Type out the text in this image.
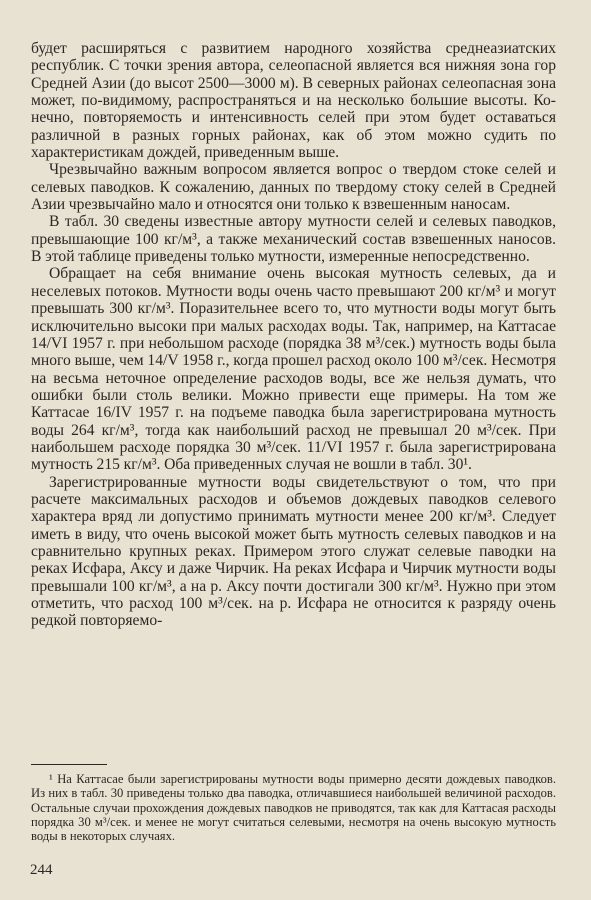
будет расширяться с развитием народного хозяйства среднеазиатских республик. С точки зрения автора, селеопасной является вся нижняя зона гор Средней Азии (до высот 2500—3000 м). В северных районах селеопасная зона может, по-видимому, распространяться и на несколько большие высоты. Конечно, повторяемость и интенсивность селей при этом будет оставаться различной в разных горных районах, как об этом можно судить по характеристикам дождей, приведенным выше.

Чрезвычайно важным вопросом является вопрос о твердом стоке селей и селевых паводков. К сожалению, данных по твердому стоку селей в Средней Азии чрезвычайно мало и относятся они только к взвешенным наносам.

В табл. 30 сведены известные автору мутности селей и селевых паводков, превышающие 100 кг/м³, а также механический состав взвешенных наносов. В этой таблице приведены только мутности, измеренные непосредственно.

Обращает на себя внимание очень высокая мутность селевых, да и неселевых потоков. Мутности воды очень часто превышают 200 кг/м³ и могут превышать 300 кг/м³. Поразительнее всего то, что мутности воды могут быть исключительно высоки при малых расходах воды. Так, например, на Каттасае 14/VI 1957 г. при небольшом расходе (порядка 38 м³/сек.) мутность воды была много выше, чем 14/V 1958 г., когда прошел расход около 100 м³/сек. Несмотря на весьма неточное определение расходов воды, все же нельзя думать, что ошибки были столь велики. Можно привести еще примеры. На том же Каттасае 16/IV 1957 г. на подъеме паводка была зарегистрирована мутность воды 264 кг/м³, тогда как наибольший расход не превышал 20 м³/сек. При наибольшем расходе порядка 30 м³/сек. 11/VI 1957 г. была зарегистрирована мутность 215 кг/м³. Оба приведенных случая не вошли в табл. 30¹.

Зарегистрированные мутности воды свидетельствуют о том, что при расчете максимальных расходов и объемов дождевых паводков селевого характера вряд ли допустимо принимать мутности менее 200 кг/м³. Следует иметь в виду, что очень высокой может быть мутность селевых паводков и на сравнительно крупных реках. Примером этого служат селевые паводки на реках Исфара, Аксу и даже Чирчик. На реках Исфара и Чирчик мутности воды превышали 100 кг/м³, а на р. Аксу почти достигали 300 кг/м³. Нужно при этом отметить, что расход 100 м³/сек. на р. Исфара не относится к разряду очень редкой повторяемо-

¹ На Каттасае были зарегистрированы мутности воды примерно десяти дождевых паводков. Из них в табл. 30 приведены только два паводка, отличавшиеся наибольшей величиной расходов. Остальные случаи прохождения дождевых паводков не приводятся, так как для Каттасая расходы порядка 30 м³/сек. и менее не могут считаться селевыми, несмотря на очень высокую мутность воды в некоторых случаях.

244
